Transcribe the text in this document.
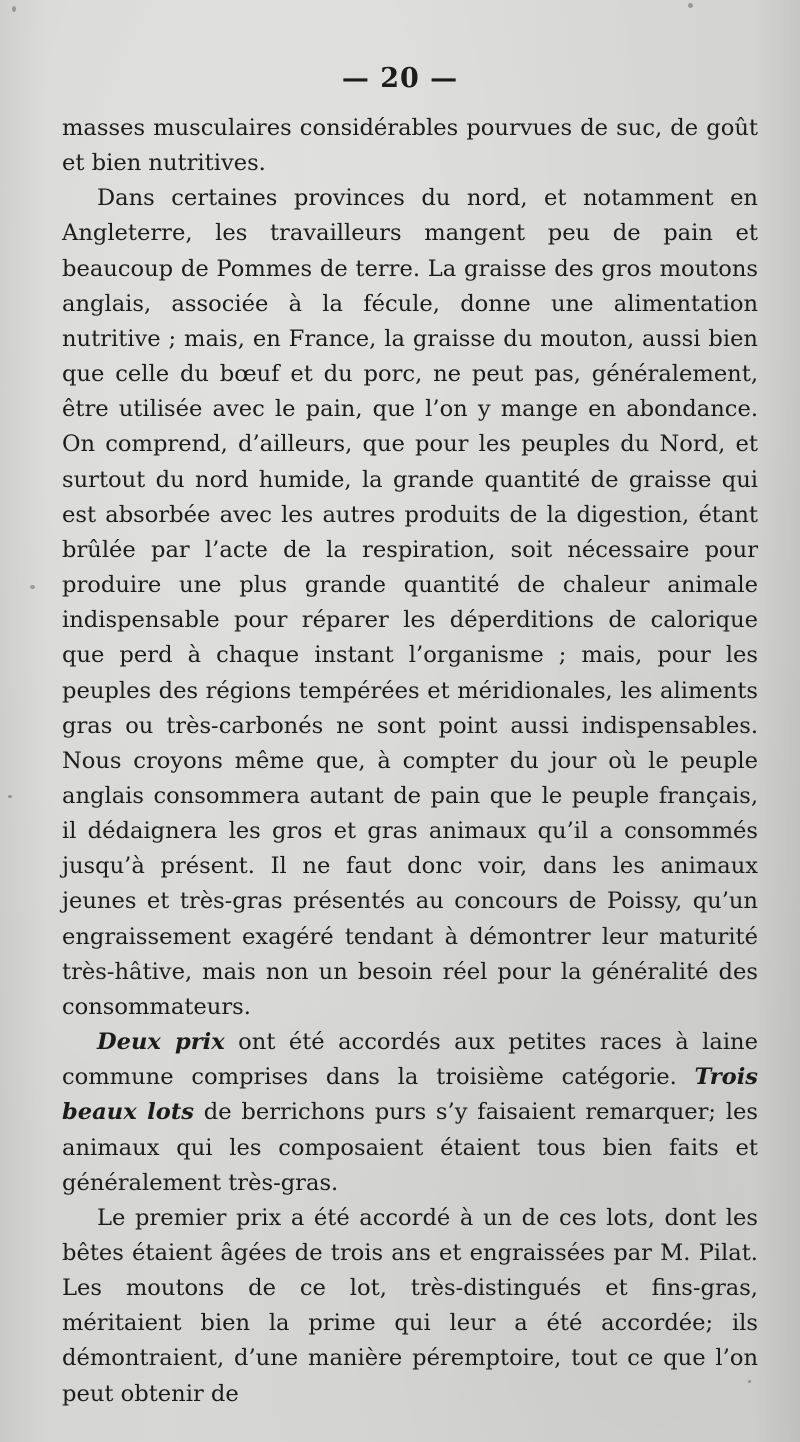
— 20 —

masses musculaires considérables pourvues de suc, de goût et bien nutritives.

Dans certaines provinces du nord, et notamment en Angleterre, les travailleurs mangent peu de pain et beaucoup de Pommes de terre. La graisse des gros moutons anglais, associée à la fécule, donne une alimentation nutritive ; mais, en France, la graisse du mouton, aussi bien que celle du bœuf et du porc, ne peut pas, généralement, être utilisée avec le pain, que l’on y mange en abondance. On comprend, d’ailleurs, que pour les peuples du Nord, et surtout du nord humide, la grande quantité de graisse qui est absorbée avec les autres produits de la digestion, étant brûlée par l’acte de la respiration, soit nécessaire pour produire une plus grande quantité de chaleur animale indispensable pour réparer les déperditions de calorique que perd à chaque instant l’organisme ; mais, pour les peuples des régions tempérées et méridionales, les aliments gras ou très-carbonés ne sont point aussi indispensables. Nous croyons même que, à compter du jour où le peuple anglais consommera autant de pain que le peuple français, il dédaignera les gros et gras animaux qu’il a consommés jusqu’à présent. Il ne faut donc voir, dans les animaux jeunes et très-gras présentés au concours de Poissy, qu’un engraissement exagéré tendant à démontrer leur maturité très-hâtive, mais non un besoin réel pour la généralité des consommateurs.

Deux prix ont été accordés aux petites races à laine commune comprises dans la troisième catégorie. Trois beaux lots de berrichons purs s’y faisaient remarquer; les animaux qui les composaient étaient tous bien faits et généralement très-gras.

Le premier prix a été accordé à un de ces lots, dont les bêtes étaient âgées de trois ans et engraissées par M. Pilat. Les moutons de ce lot, très-distingués et fins-gras, méritaient bien la prime qui leur a été accordée; ils démontraient, d’une manière péremptoire, tout ce que l’on peut obtenir de
